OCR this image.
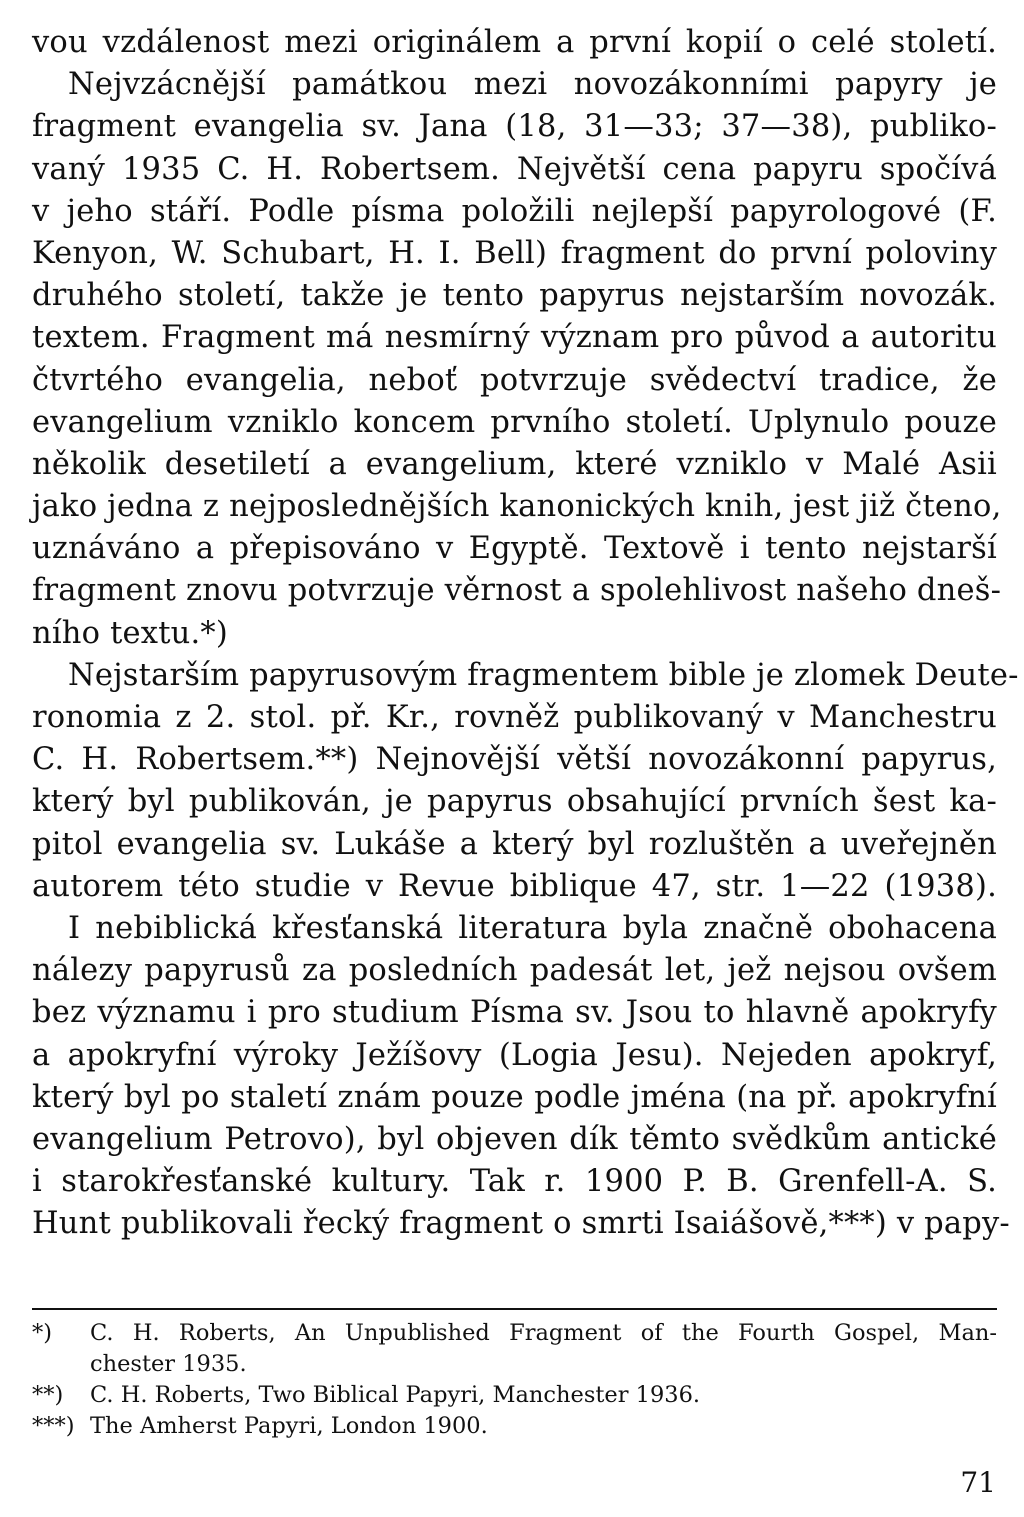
vou vzdálenost mezi originálem a první kopií o celé století.
Nejvzácnější památkou mezi novozákonními papyry je
fragment evangelia sv. Jana (18, 31—33; 37—38), publiko-
vaný 1935 C. H. Robertsem. Největší cena papyru spočívá
v jeho stáří. Podle písma položili nejlepší papyrologové (F.
Kenyon, W. Schubart, H. I. Bell) fragment do první poloviny
druhého století, takže je tento papyrus nejstarším novozák.
textem. Fragment má nesmírný význam pro původ a autoritu
čtvrtého evangelia, neboť potvrzuje svědectví tradice, že
evangelium vzniklo koncem prvního století. Uplynulo pouze
několik desetiletí a evangelium, které vzniklo v Malé Asii
jako jedna z nejposlednějších kanonických knih, jest již čteno,
uznáváno a přepisováno v Egyptě. Textově i tento nejstarší
fragment znovu potvrzuje věrnost a spolehlivost našeho dneš-
ního textu.*)
Nejstarším papyrusovým fragmentem bible je zlomek Deute-
ronomia z 2. stol. př. Kr., rovněž publikovaný v Manchestru
C. H. Robertsem.**) Nejnovější větší novozákonní papyrus,
který byl publikován, je papyrus obsahující prvních šest ka-
pitol evangelia sv. Lukáše a který byl rozluštěn a uveřejněn
autorem této studie v Revue biblique 47, str. 1—22 (1938).
I nebiblická křesťanská literatura byla značně obohacena
nálezy papyrusů za posledních padesát let, jež nejsou ovšem
bez významu i pro studium Písma sv. Jsou to hlavně apokryfy
a apokryfní výroky Ježíšovy (Logia Jesu). Nejeden apokryf,
který byl po staletí znám pouze podle jména (na př. apokryfní
evangelium Petrovo), byl objeven dík těmto svědkům antické
i starokřesťanské kultury. Tak r. 1900 P. B. Grenfell-A. S.
Hunt publikovali řecký fragment o smrti Isaiášově,***) v papy-
*) C. H. Roberts, An Unpublished Fragment of the Fourth Gospel, Man-
chester 1935.
**) C. H. Roberts, Two Biblical Papyri, Manchester 1936.
***) The Amherst Papyri, London 1900.
71
